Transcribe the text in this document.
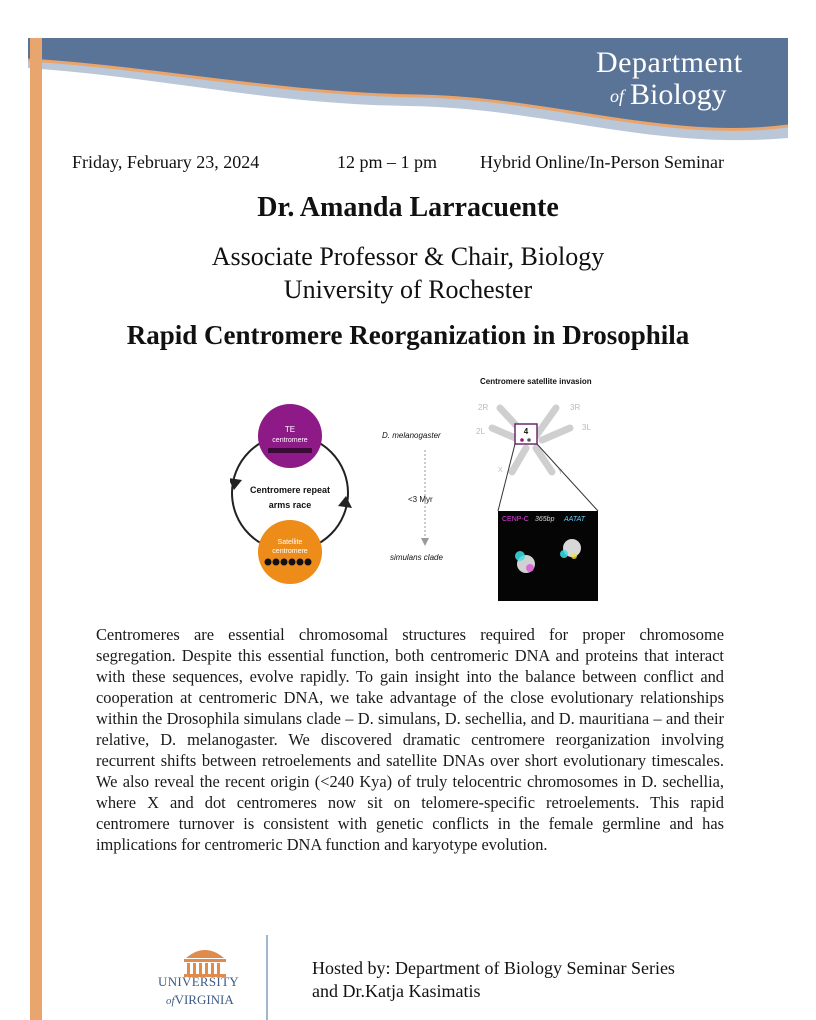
Department
of Biology
Friday, February 23, 2024	12 pm – 1 pm Hybrid Online/In-Person Seminar
Dr. Amanda Larracuente
Associate Professor & Chair, Biology
University of Rochester
Rapid Centromere Reorganization in Drosophila
TE
centromere
Satellite
centromere
Centromere repeat
arms race
D. melanogaster
<3 Myr
simulans clade
Centromere satellite invasion
2R	3R
2L	3L
X	Y
4
CENP-C 365bp AATAT
Centromeres are essential chromosomal structures required for proper chromosome segregation. Despite this essential function, both centromeric DNA and proteins that interact with these sequences, evolve rapidly. To gain insight into the balance between conflict and cooperation at centromeric DNA, we take advantage of the close evolutionary relationships within the Drosophila simulans clade – D. simulans, D. sechellia, and D. mauritiana – and their relative, D. melanogaster. We discovered dramatic centromere reorganization involving recurrent shifts between retroelements and satellite DNAs over short evolutionary timescales. We also reveal the recent origin (<240 Kya) of truly telocentric chromosomes in D. sechellia, where X and dot centromeres now sit on telomere-specific retroelements. This rapid centromere turnover is consistent with genetic conflicts in the female germline and has implications for centromeric DNA function and karyotype evolution.
UNIVERSITY
ofVIRGINIA
Hosted by: Department of Biology Seminar Series
and Dr.Katja Kasimatis
